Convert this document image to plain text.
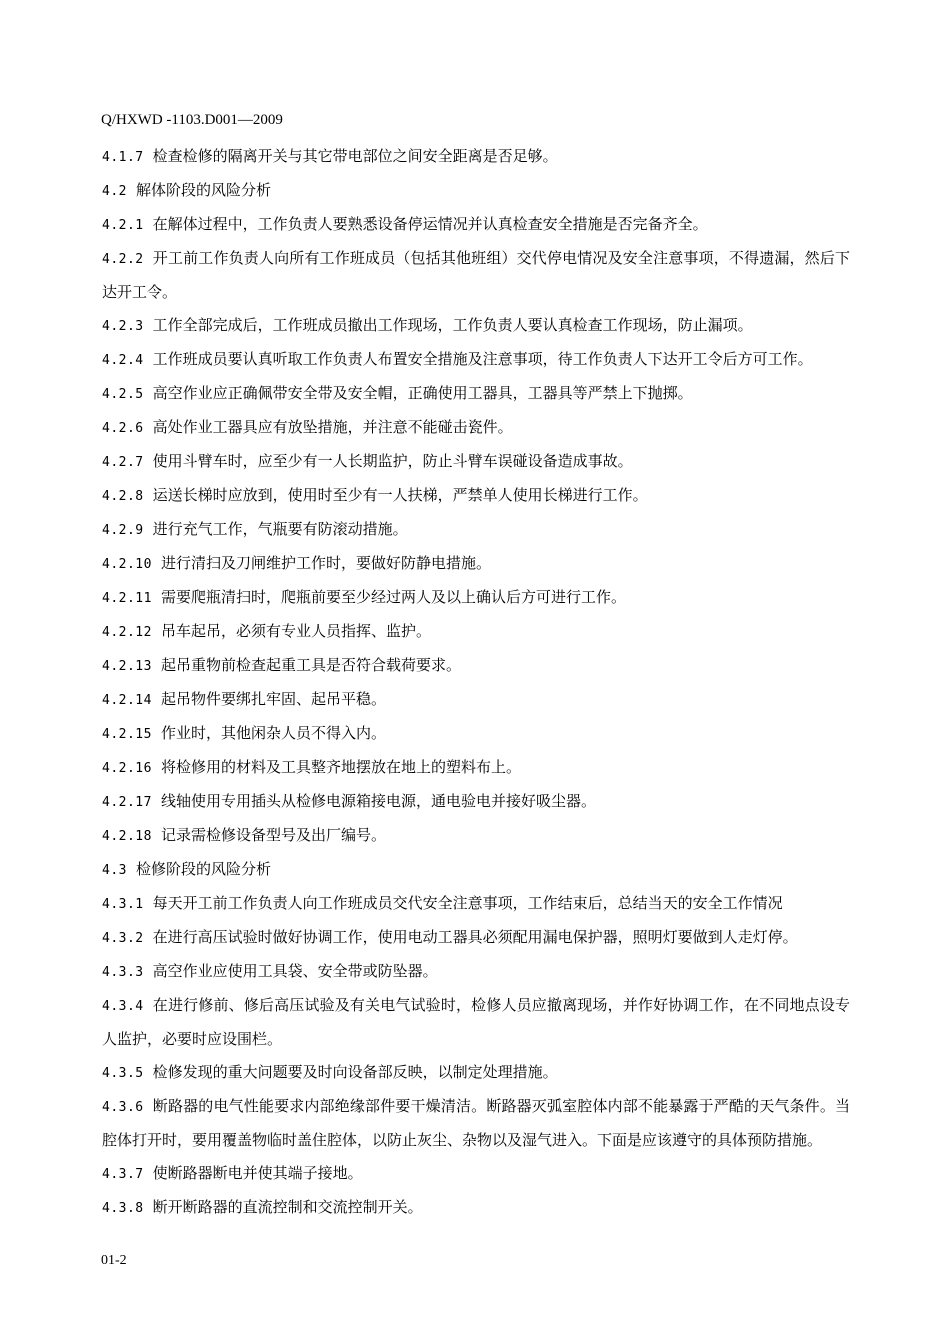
Q/HXWD -1103.D001—2009

4.1.7 检查检修的隔离开关与其它带电部位之间安全距离是否足够。

4.2 解体阶段的风险分析

4.2.1 在解体过程中，工作负责人要熟悉设备停运情况并认真检查安全措施是否完备齐全。

4.2.2 开工前工作负责人向所有工作班成员（包括其他班组）交代停电情况及安全注意事项，不得遗漏，然后下达开工令。

4.2.3 工作全部完成后，工作班成员撤出工作现场，工作负责人要认真检查工作现场，防止漏项。

4.2.4 工作班成员要认真听取工作负责人布置安全措施及注意事项，待工作负责人下达开工令后方可工作。

4.2.5 高空作业应正确佩带安全带及安全帽，正确使用工器具，工器具等严禁上下抛掷。

4.2.6 高处作业工器具应有放坠措施，并注意不能碰击瓷件。

4.2.7 使用斗臂车时，应至少有一人长期监护，防止斗臂车误碰设备造成事故。

4.2.8 运送长梯时应放到，使用时至少有一人扶梯，严禁单人使用长梯进行工作。

4.2.9 进行充气工作，气瓶要有防滚动措施。

4.2.10 进行清扫及刀闸维护工作时，要做好防静电措施。

4.2.11 需要爬瓶清扫时，爬瓶前要至少经过两人及以上确认后方可进行工作。

4.2.12 吊车起吊，必须有专业人员指挥、监护。

4.2.13 起吊重物前检查起重工具是否符合载荷要求。

4.2.14 起吊物件要绑扎牢固、起吊平稳。

4.2.15 作业时，其他闲杂人员不得入内。

4.2.16 将检修用的材料及工具整齐地摆放在地上的塑料布上。

4.2.17 线轴使用专用插头从检修电源箱接电源，通电验电并接好吸尘器。

4.2.18 记录需检修设备型号及出厂编号。

4.3 检修阶段的风险分析

4.3.1 每天开工前工作负责人向工作班成员交代安全注意事项，工作结束后，总结当天的安全工作情况

4.3.2 在进行高压试验时做好协调工作，使用电动工器具必须配用漏电保护器，照明灯要做到人走灯停。

4.3.3 高空作业应使用工具袋、安全带或防坠器。

4.3.4 在进行修前、修后高压试验及有关电气试验时，检修人员应撤离现场，并作好协调工作，在不同地点设专人监护，必要时应设围栏。

4.3.5 检修发现的重大问题要及时向设备部反映，以制定处理措施。

4.3.6 断路器的电气性能要求内部绝缘部件要干燥清洁。断路器灭弧室腔体内部不能暴露于严酷的天气条件。当腔体打开时，要用覆盖物临时盖住腔体，以防止灰尘、杂物以及湿气进入。下面是应该遵守的具体预防措施。

4.3.7 使断路器断电并使其端子接地。

4.3.8 断开断路器的直流控制和交流控制开关。

01-2
